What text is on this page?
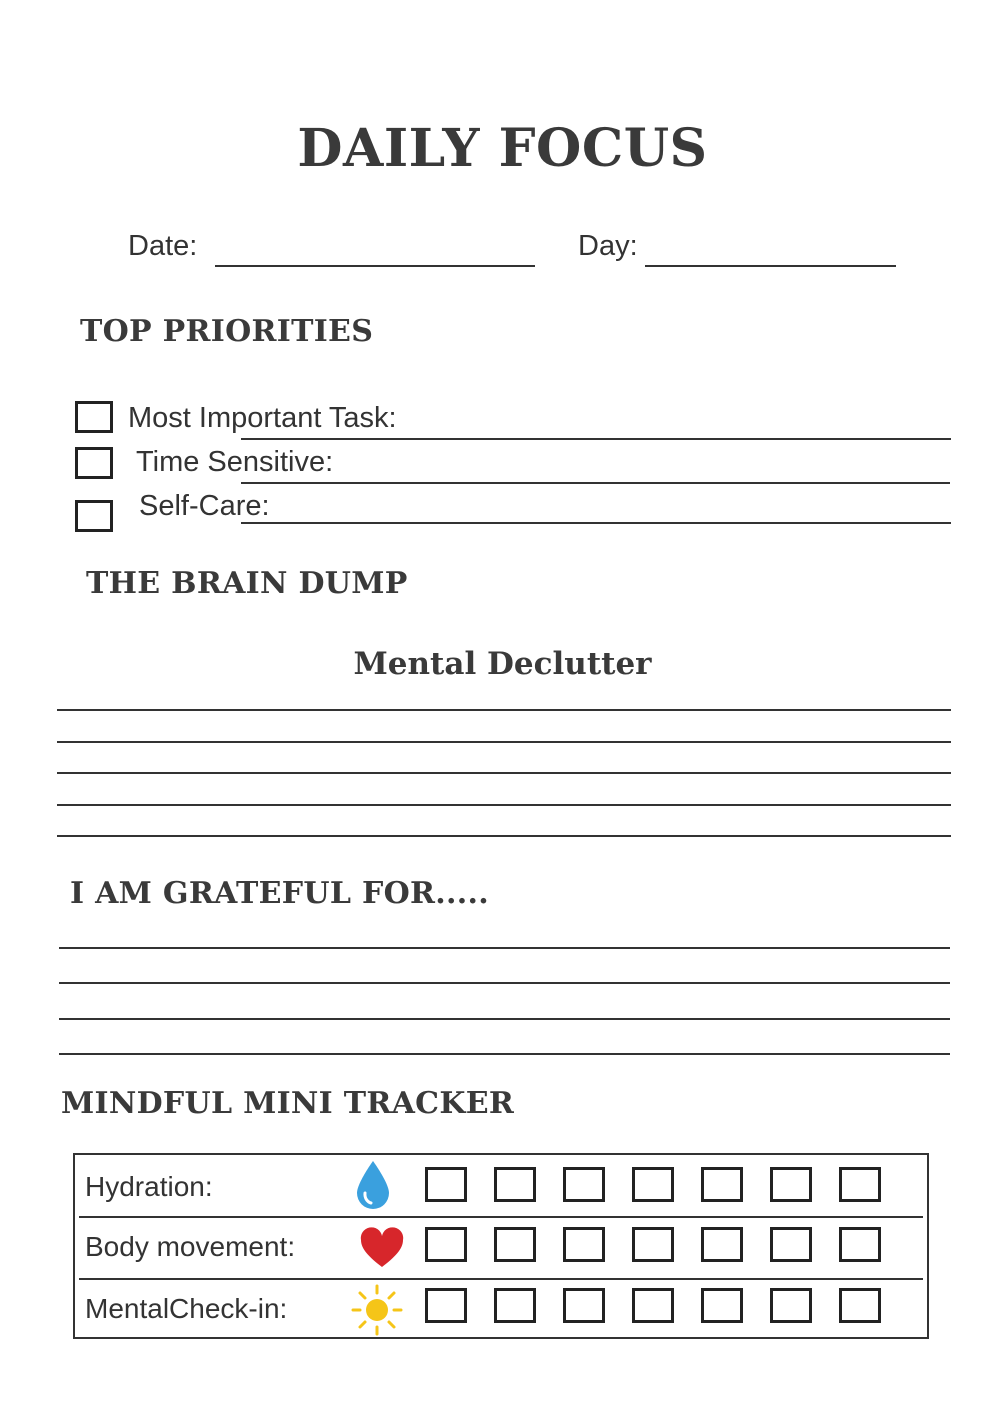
DAILY FOCUS
Date:	Day:
TOP PRIORITIES
Most Important Task:
Time Sensitive:
Self-Care:
THE BRAIN DUMP
Mental Declutter
I AM GRATEFUL FOR.....
MINDFUL MINI TRACKER
Hydration:
Body movement:
MentalCheck-in:
